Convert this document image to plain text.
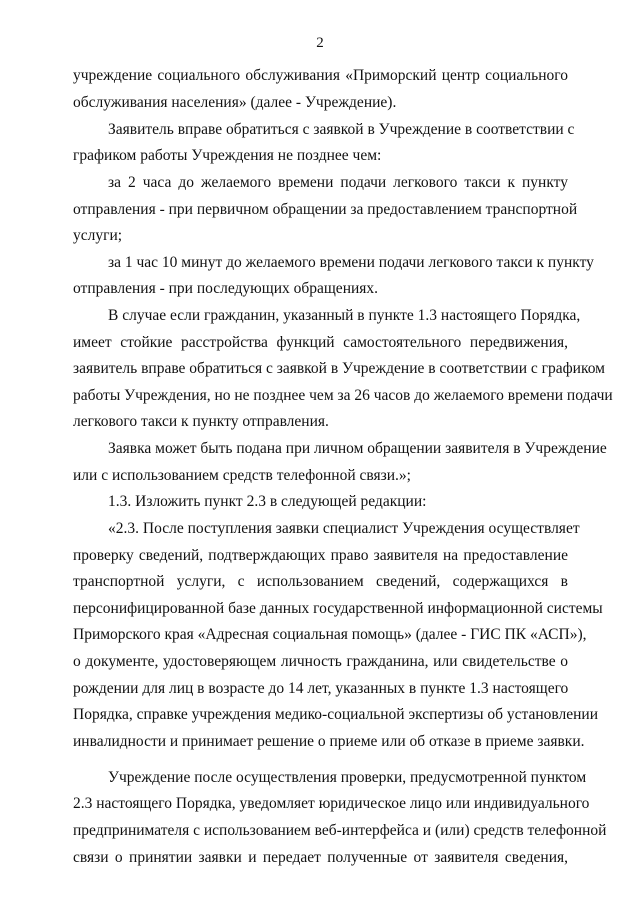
2
учреждение социального обслуживания «Приморский центр социального
обслуживания населения» (далее - Учреждение).
Заявитель вправе обратиться с заявкой в Учреждение в соответствии с
графиком работы Учреждения не позднее чем:
за 2 часа до желаемого времени подачи легкового такси к пункту
отправления - при первичном обращении за предоставлением транспортной
услуги;
за 1 час 10 минут до желаемого времени подачи легкового такси к пункту
отправления - при последующих обращениях.
В случае если гражданин, указанный в пункте 1.3 настоящего Порядка,
имеет стойкие расстройства функций самостоятельного передвижения,
заявитель вправе обратиться с заявкой в Учреждение в соответствии с графиком
работы Учреждения, но не позднее чем за 26 часов до желаемого времени подачи
легкового такси к пункту отправления.
Заявка может быть подана при личном обращении заявителя в Учреждение
или с использованием средств телефонной связи.»;
1.3. Изложить пункт 2.3 в следующей редакции:
«2.3. После поступления заявки специалист Учреждения осуществляет
проверку сведений, подтверждающих право заявителя на предоставление
транспортной услуги, с использованием сведений, содержащихся в
персонифицированной базе данных государственной информационной системы
Приморского края «Адресная социальная помощь» (далее - ГИС ПК «АСП»),
о документе, удостоверяющем личность гражданина, или свидетельстве о
рождении для лиц в возрасте до 14 лет, указанных в пункте 1.3 настоящего
Порядка, справке учреждения медико-социальной экспертизы об установлении
инвалидности и принимает решение о приеме или об отказе в приеме заявки.
Учреждение после осуществления проверки, предусмотренной пунктом
2.3 настоящего Порядка, уведомляет юридическое лицо или индивидуального
предпринимателя с использованием веб-интерфейса и (или) средств телефонной
связи о принятии заявки и передает полученные от заявителя сведения,
